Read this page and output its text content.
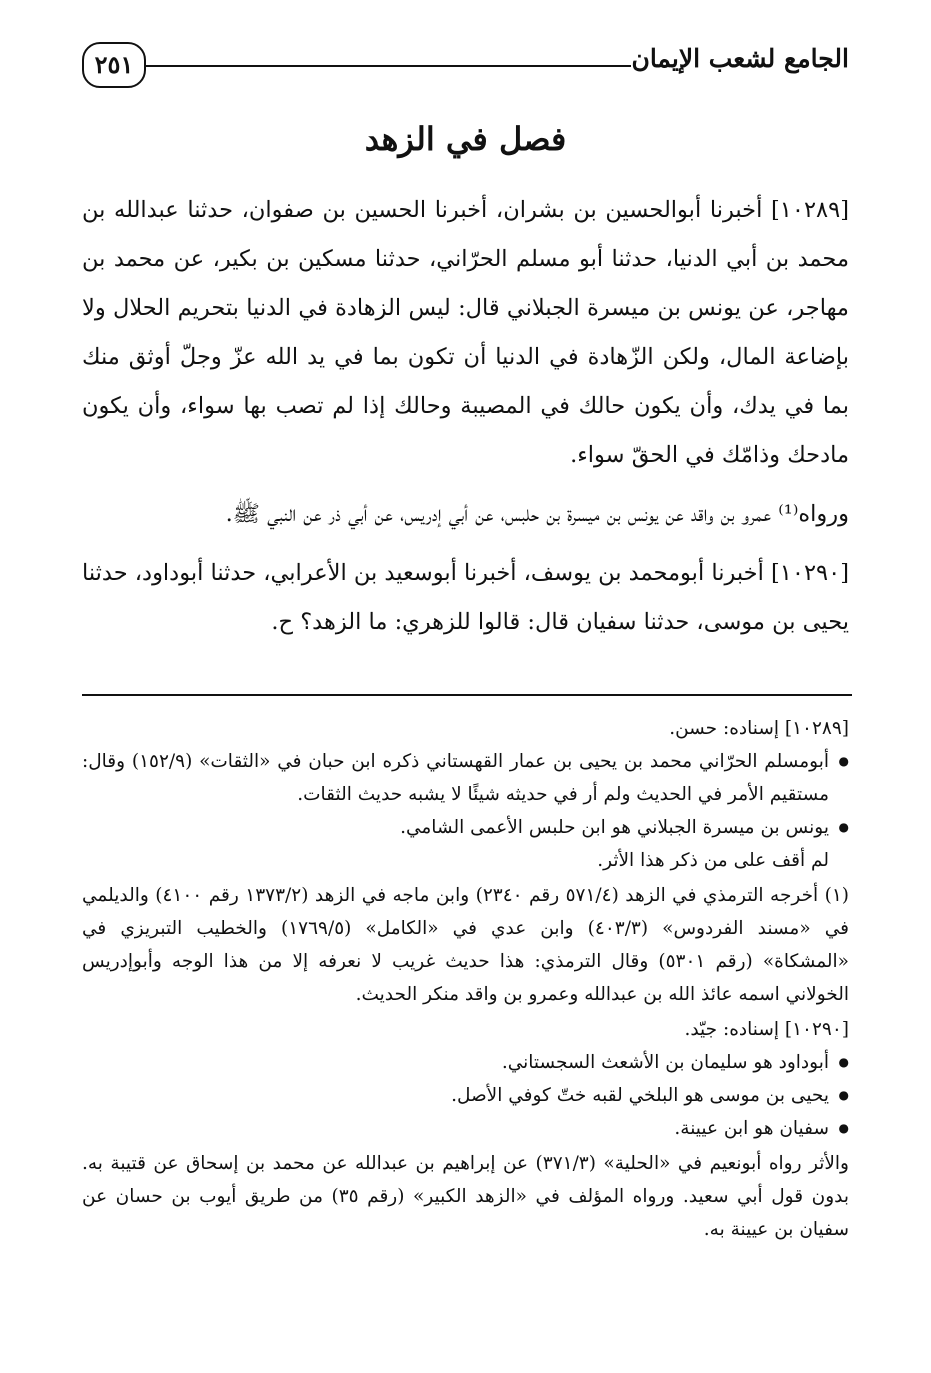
٢٥١	الجامع لشعب الإيمان
فصل في الزهد

[١٠٢٨٩] أخبرنا أبوالحسين بن بشران، أخبرنا الحسين بن صفوان، حدثنا عبدالله بن محمد بن أبي الدنيا، حدثنا أبو مسلم الحرّاني، حدثنا مسكين بن بكير، عن محمد بن مهاجر، عن يونس بن ميسرة الجبلاني قال: ليس الزهادة في الدنيا بتحريم الحلال ولا بإضاعة المال، ولكن الزّهادة في الدنيا أن تكون بما في يد الله عزّ وجلّ أوثق منك بما في يدك، وأن يكون حالك في المصيبة وحالك إذا لم تصب بها سواء، وأن يكون مادحك وذامّك في الحقّ سواء.

ورواه⁽¹⁾ عمرو بن واقد عن يونس بن ميسرة بن حلبس، عن أبي إدريس، عن أبي ذر عن النبي ﷺ.

[١٠٢٩٠] أخبرنا أبومحمد بن يوسف، أخبرنا أبوسعيد بن الأعرابي، حدثنا أبوداود، حدثنا يحيى بن موسى، حدثنا سفيان قال: قالوا للزهري: ما الزهد؟ ح.

[١٠٢٨٩] إسناده: حسن.

● أبومسلم الحرّاني محمد بن يحيى بن عمار القهستاني ذكره ابن حبان في «الثقات» (١٥٢/٩) وقال: مستقيم الأمر في الحديث ولم أر في حديثه شيئًا لا يشبه حديث الثقات.

● يونس بن ميسرة الجبلاني هو ابن حلبس الأعمى الشامي.

لم أقف على من ذكر هذا الأثر.

(١) أخرجه الترمذي في الزهد (٥٧١/٤ رقم ٢٣٤٠) وابن ماجه في الزهد (١٣٧٣/٢ رقم ٤١٠٠) والديلمي في «مسند الفردوس» (٤٠٣/٣) وابن عدي في «الكامل» (١٧٦٩/٥) والخطيب التبريزي في «المشكاة» (رقم ٥٣٠١) وقال الترمذي: هذا حديث غريب لا نعرفه إلا من هذا الوجه وأبوإدريس الخولاني اسمه عائذ الله بن عبدالله وعمرو بن واقد منكر الحديث.

[١٠٢٩٠] إسناده: جيّد.

● أبوداود هو سليمان بن الأشعث السجستاني.

● يحيى بن موسى هو البلخي لقبه ختّ كوفي الأصل.

● سفيان هو ابن عيينة.

والأثر رواه أبونعيم في «الحلية» (٣٧١/٣) عن إبراهيم بن عبدالله عن محمد بن إسحاق عن قتيبة به. بدون قول أبي سعيد. ورواه المؤلف في «الزهد الكبير» (رقم ٣٥) من طريق أيوب بن حسان عن سفيان بن عيينة به.
